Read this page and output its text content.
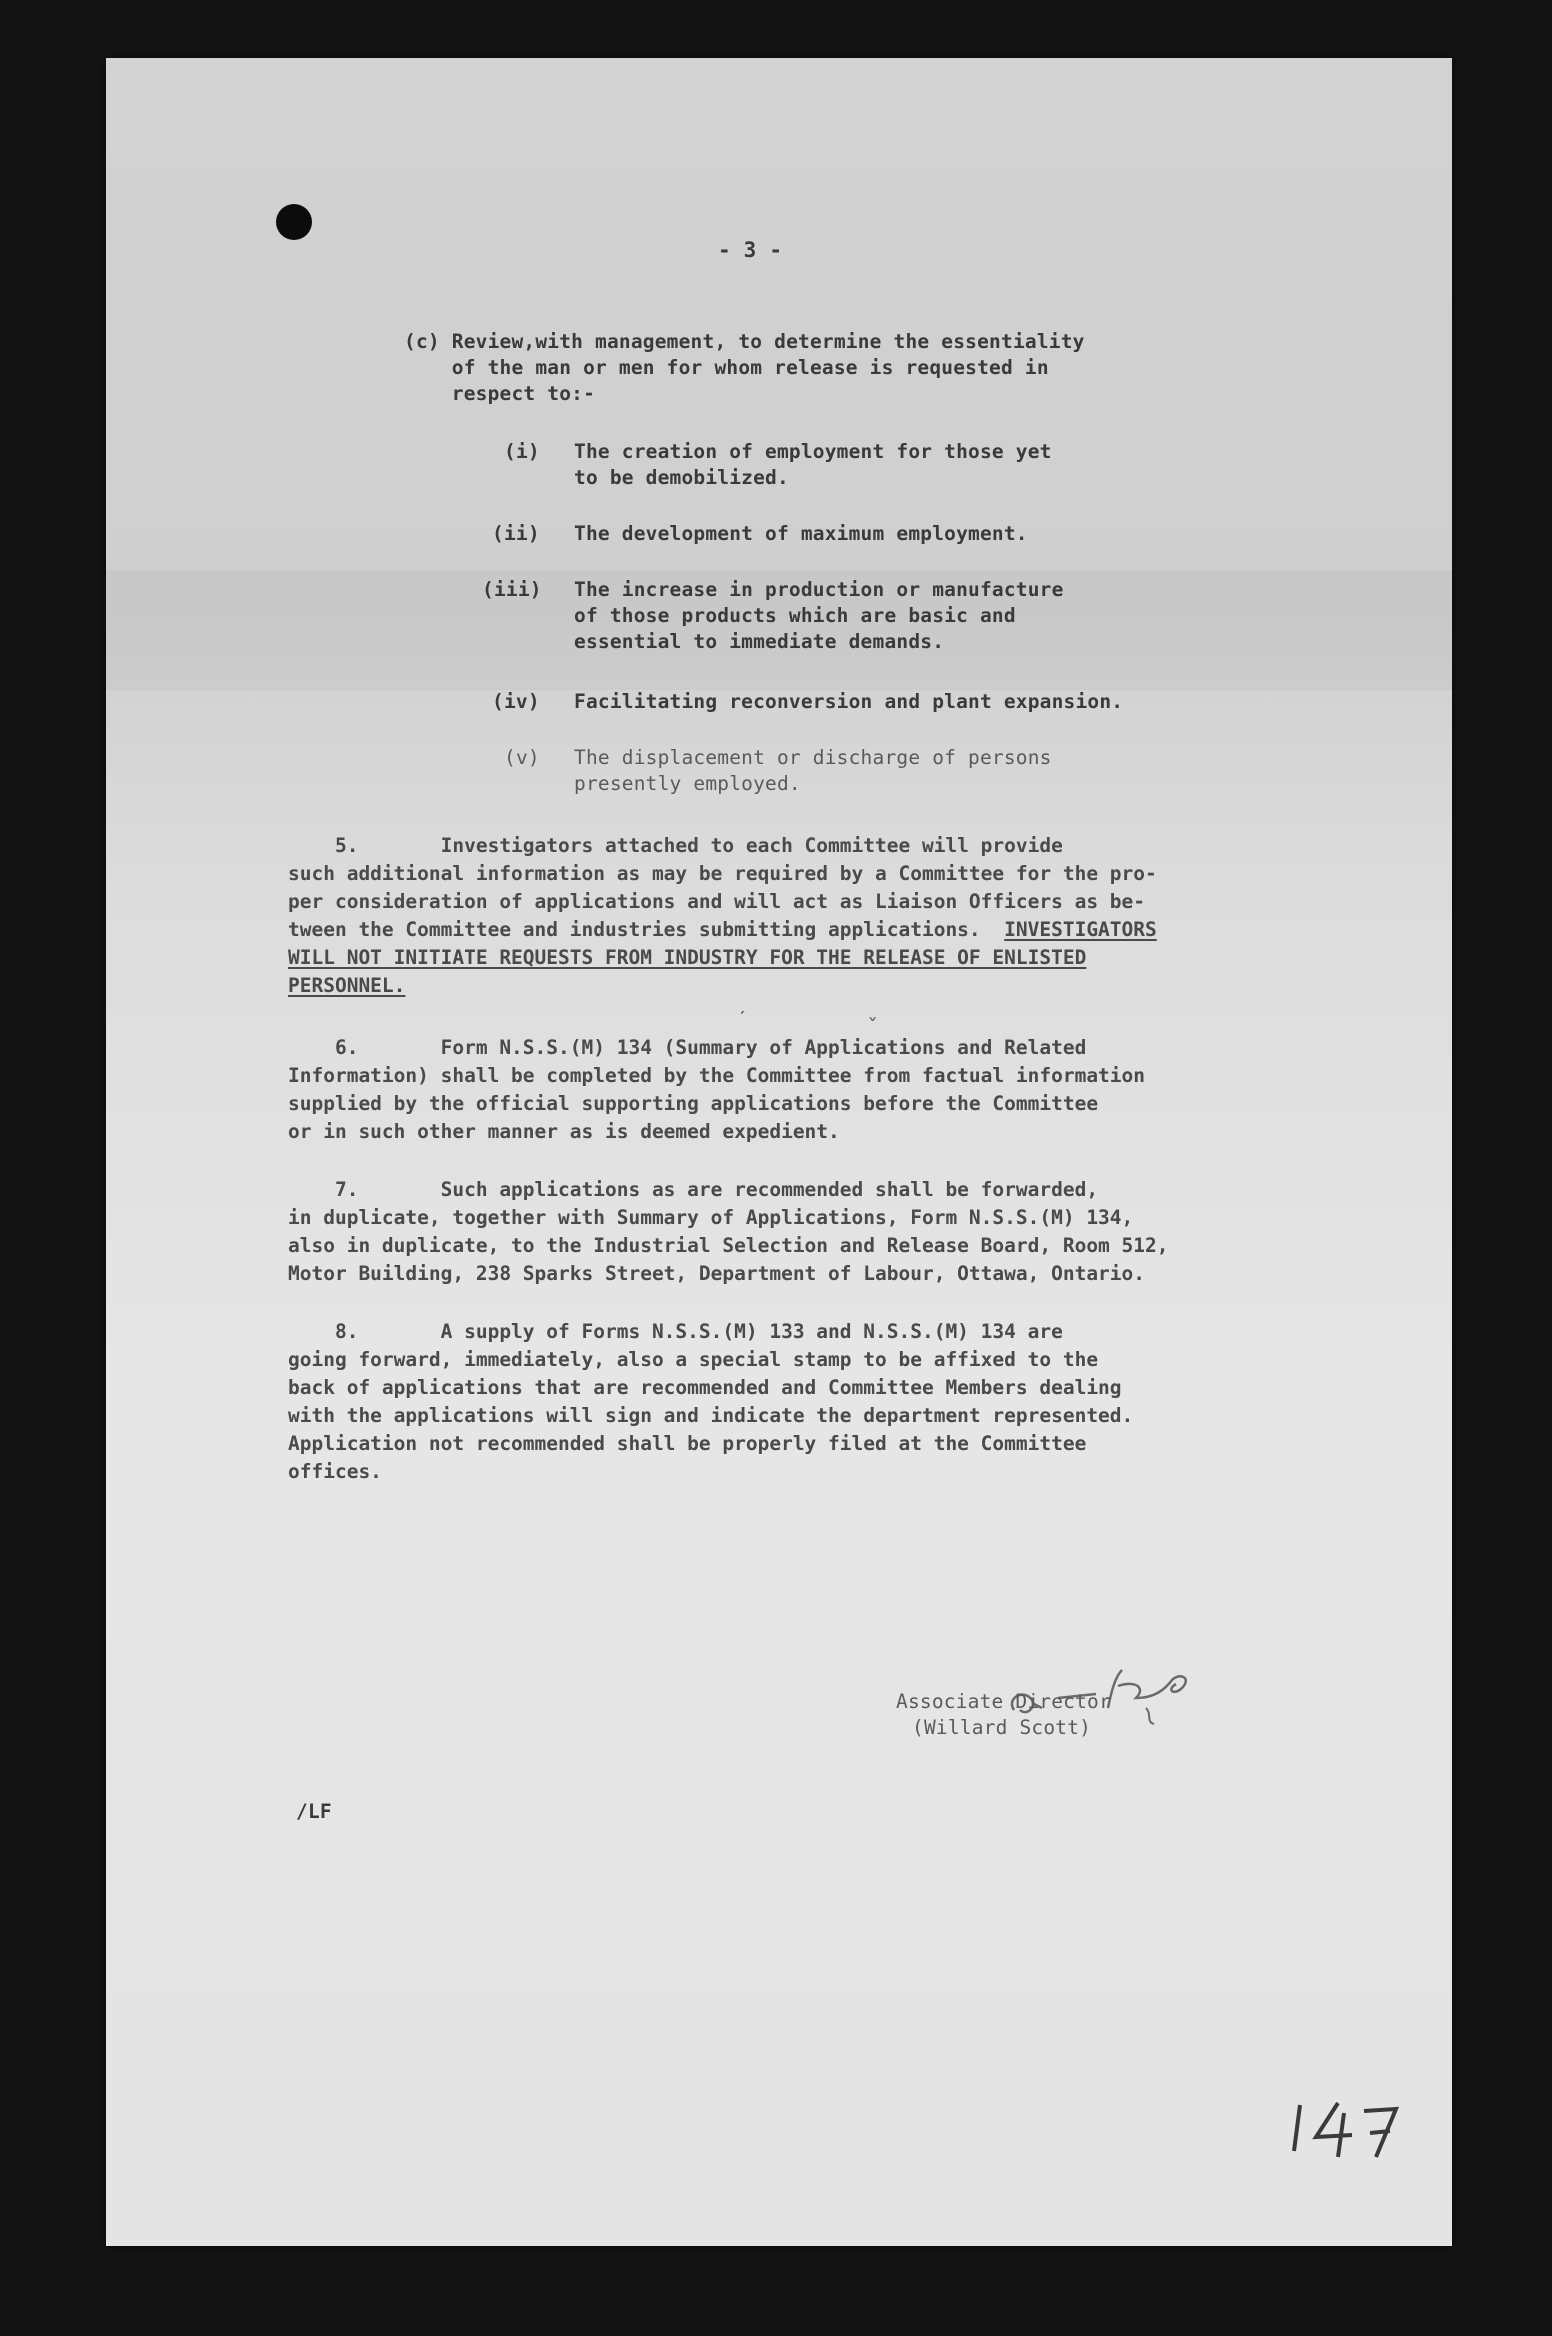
- 3 -
(c) Review,with management, to determine the essentiality
of the man or men for whom release is requested in
respect to:-
(i) The creation of employment for those yet
to be demobilized.
(ii) The development of maximum employment.
(iii) The increase in production or manufacture
of those products which are basic and
essential to immediate demands.
(iv) Facilitating reconversion and plant expansion.
(v) The displacement or discharge of persons
presently employed.
5.       Investigators attached to each Committee will provide
such additional information as may be required by a Committee for the pro-
per consideration of applications and will act as Liaison Officers as be-
tween the Committee and industries submitting applications.  INVESTIGATORS
WILL NOT INITIATE REQUESTS FROM INDUSTRY FOR THE RELEASE OF ENLISTED
PERSONNEL.
ˊ	ˇ
6.       Form N.S.S.(M) 134 (Summary of Applications and Related
Information) shall be completed by the Committee from factual information
supplied by the official supporting applications before the Committee
or in such other manner as is deemed expedient.
7.       Such applications as are recommended shall be forwarded,
in duplicate, together with Summary of Applications, Form N.S.S.(M) 134,
also in duplicate, to the Industrial Selection and Release Board, Room 512,
Motor Building, 238 Sparks Street, Department of Labour, Ottawa, Ontario.
8.       A supply of Forms N.S.S.(M) 133 and N.S.S.(M) 134 are
going forward, immediately, also a special stamp to be affixed to the
back of applications that are recommended and Committee Members dealing
with the applications will sign and indicate the department represented.
Application not recommended shall be properly filed at the Committee
offices.
Associate Director
(Willard Scott)
/LF
